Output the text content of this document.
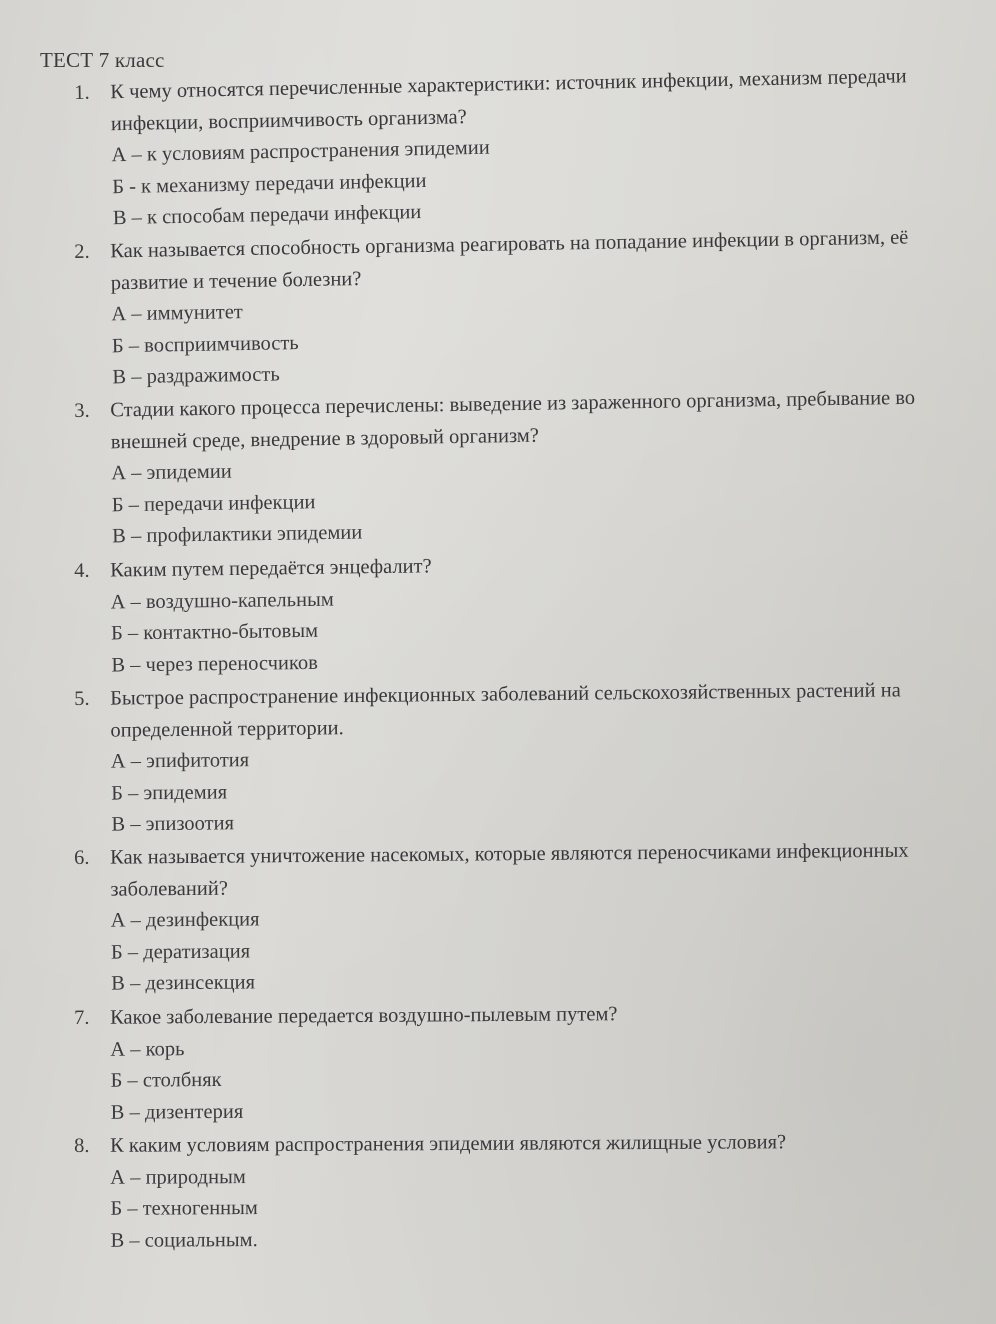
ТЕСТ 7 класс
1. К чему относятся перечисленные характеристики: источник инфекции, механизм передачи инфекции, восприимчивость организма?
А – к условиям распространения эпидемии
Б - к механизму передачи инфекции
В – к способам передачи инфекции
2. Как называется способность организма реагировать на попадание инфекции в организм, её развитие и течение болезни?
А – иммунитет
Б – восприимчивость
В – раздражимость
3. Стадии какого процесса перечислены: выведение из зараженного организма, пребывание во внешней среде, внедрение в здоровый организм?
А – эпидемии
Б – передачи инфекции
В – профилактики эпидемии
4. Каким путем передаётся энцефалит?
А – воздушно-капельным
Б – контактно-бытовым
В – через переносчиков
5. Быстрое распространение инфекционных заболеваний сельскохозяйственных растений на определенной территории.
А – эпифитотия
Б – эпидемия
В – эпизоотия
6. Как называется уничтожение насекомых, которые являются переносчиками инфекционных заболеваний?
А – дезинфекция
Б – дератизация
В – дезинсекция
7. Какое заболевание передается воздушно-пылевым путем?
А – корь
Б – столбняк
В – дизентерия
8.	К каким условиям распространения эпидемии являются жилищные условия?
А – природным
Б – техногенным
В – социальным.
